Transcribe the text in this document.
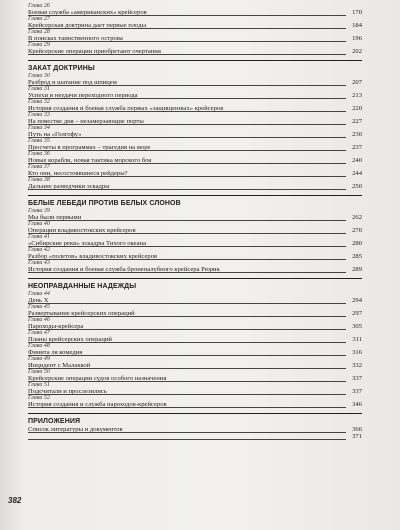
Глава 26
Боевая служба «американских» крейсеров	170
Глава 27
Крейсерская доктрина дает первые плоды	184
Глава 28
В поисках таинственного острова	196
Глава 29
Крейсерские операции приобретают очертания	202
ЗАКАТ ДОКТРИНЫ
Глава 30
Разброд и шатание под шпицем	207
Глава 31
Успехи и неудачи переходного периода	213
Глава 32
История создания и боевая служба первых «защищенных» крейсеров	220
Глава 33
На повестке дня – незамерзающие порты	227
Глава 34
Путь на «Голгофу»	230
Глава 35
Просчеты в программах – трагедия на море	237
Глава 36
Новые корабли, новая тактика морского боя	240
Глава 37
Кто они, несостоявшиеся рейдеры?	244
Глава 38
Дальние разведчики эскадры	250
БЕЛЫЕ ЛЕБЕДИ ПРОТИВ БЕЛЫХ СЛОНОВ
Глава 39
Мы были первыми	262
Глава 40
Операции владивостокских крейсеров	270
Глава 41
«Сибирские реки» эскадры Тихого океана	280
Глава 42
Разбор «полетов» владивостокских крейсеров	285
Глава 43
История создания и боевая служба бронепалубного крейсера Рюрик	289
НЕОПРАВДАННЫЕ НАДЕЖДЫ
Глава 44
День X	294
Глава 45
Развертывание крейсерских операций	297
Глава 46
Пароходы-крейсера	305
Глава 47
Планы крейсерских операций	311
Глава 48
Финита ля комедия	316
Глава 49
Инцидент с Малаккой	332
Глава 50
Крейсерские операции судов особого назначения	337
Глава 51
Подсчитали и прослезились	337
Глава 52
История создания и служба пароходов-крейсеров	346
ПРИЛОЖЕНИЯ
Список литературы и документов	366
371
382
